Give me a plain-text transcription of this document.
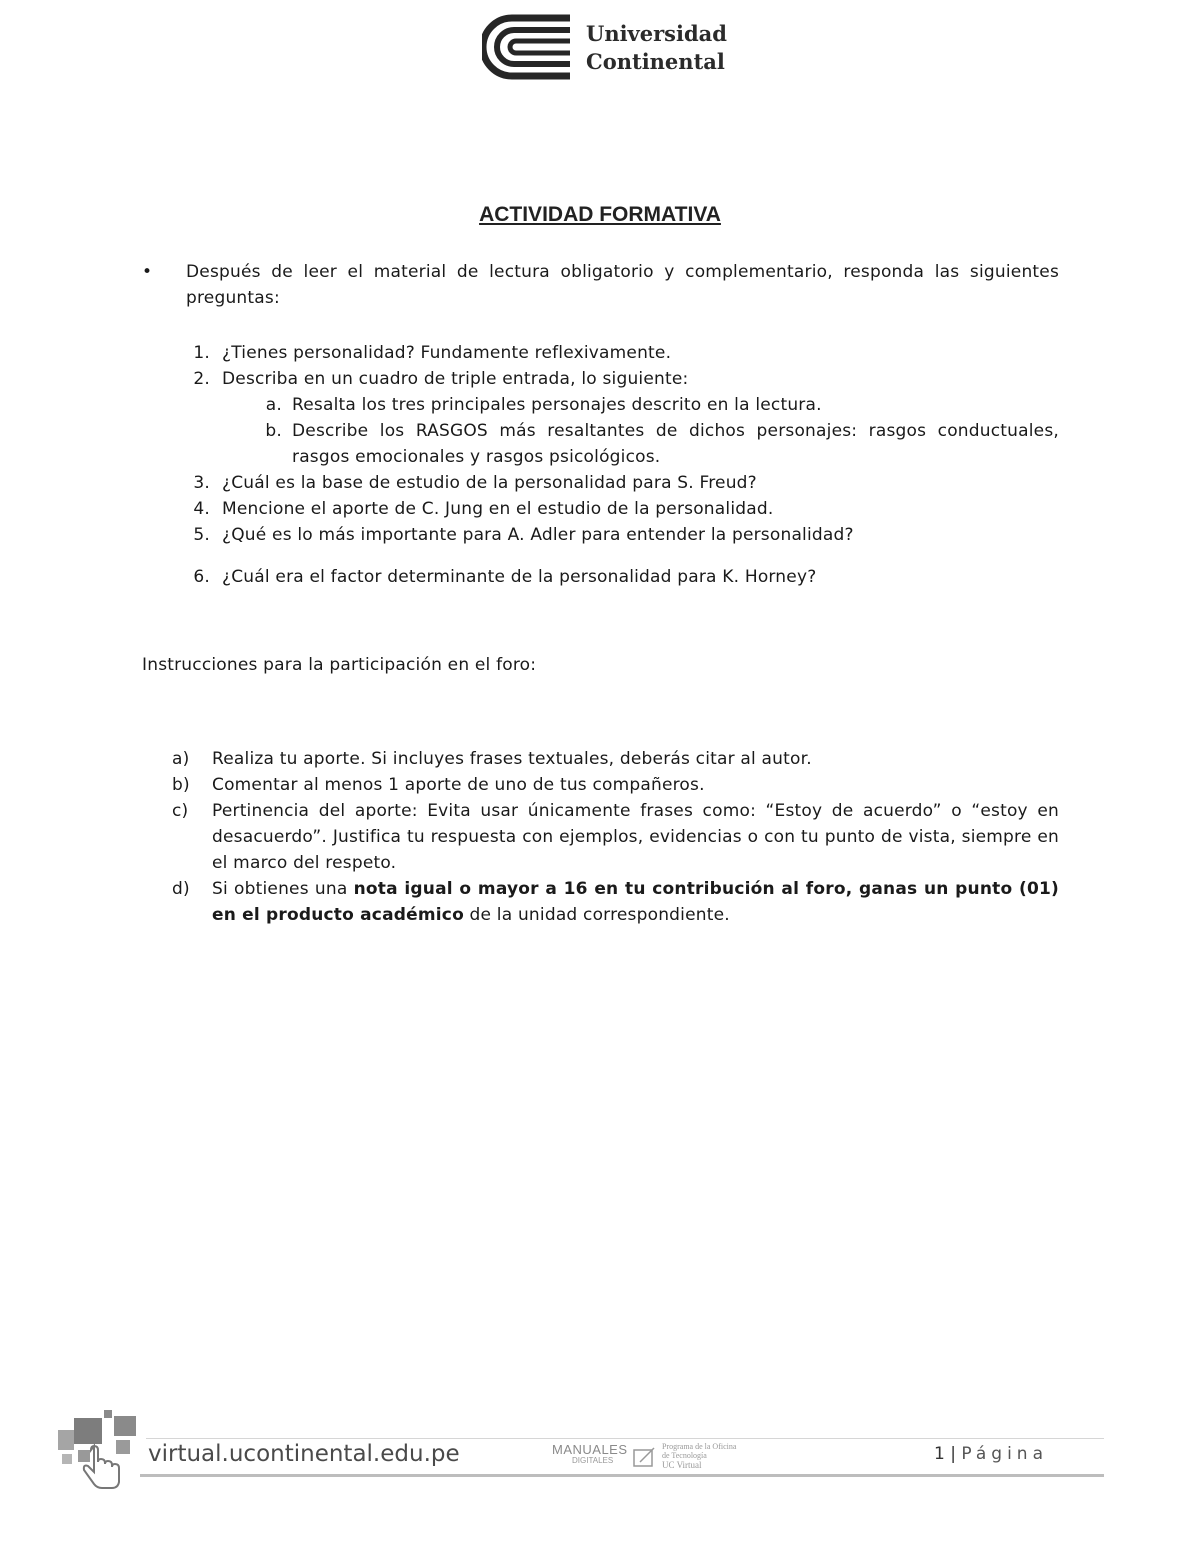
Universidad
Continental
ACTIVIDAD FORMATIVA
•	Después de leer el material de lectura obligatorio y complementario, responda las siguientes preguntas:
1. ¿Tienes personalidad? Fundamente reflexivamente.
2. Describa en un cuadro de triple entrada, lo siguiente:
a. Resalta los tres principales personajes descrito en la lectura.
b. Describe los RASGOS más resaltantes de dichos personajes: rasgos conductuales, rasgos emocionales y rasgos psicológicos.
3. ¿Cuál es la base de estudio de la personalidad para S. Freud?
4. Mencione el aporte de C. Jung en el estudio de la personalidad.
5. ¿Qué es lo más importante para A. Adler para entender la personalidad?
6. ¿Cuál era el factor determinante de la personalidad para K. Horney?
Instrucciones para la participación en el foro:
a)	Realiza tu aporte. Si incluyes frases textuales, deberás citar al autor.
b)	Comentar al menos 1 aporte de uno de tus compañeros.
c)	Pertinencia del aporte: Evita usar únicamente frases como: “Estoy de acuerdo” o “estoy en desacuerdo”. Justifica tu respuesta con ejemplos, evidencias o con tu punto de vista, siempre en el marco del respeto.
d)	Si obtienes una nota igual o mayor a 16 en tu contribución al foro, ganas un punto (01) en el producto académico de la unidad correspondiente.
virtual.ucontinental.edu.pe	MANUALES
DIGITALES
Programa de la Oficina
de Tecnología
UC Virtual
1 | Página
